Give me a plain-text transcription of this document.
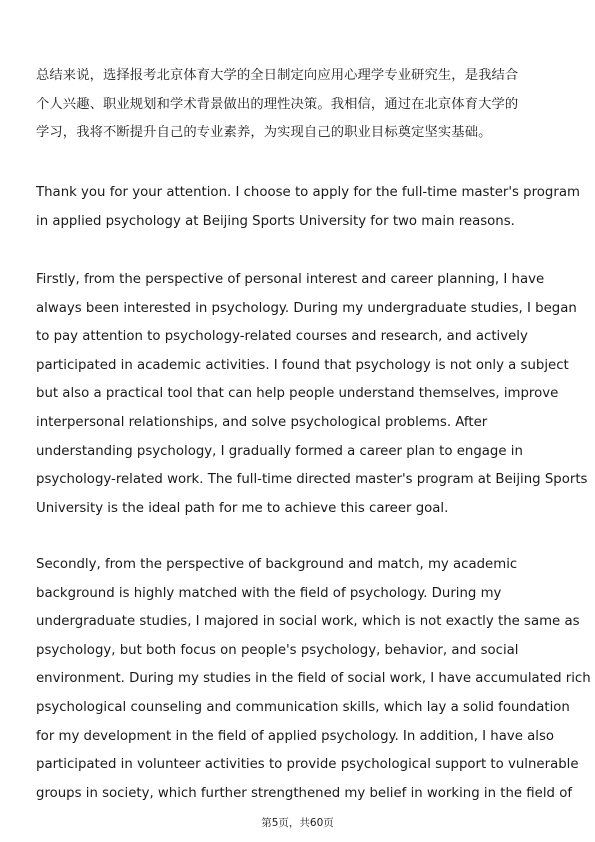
总结来说，选择报考北京体育大学的全日制定向应用心理学专业研究生，是我结合
个人兴趣、职业规划和学术背景做出的理性决策。我相信，通过在北京体育大学的
学习，我将不断提升自己的专业素养，为实现自己的职业目标奠定坚实基础。

Thank you for your attention. I choose to apply for the full-time master's program
in applied psychology at Beijing Sports University for two main reasons.

Firstly, from the perspective of personal interest and career planning, I have
always been interested in psychology. During my undergraduate studies, I began
to pay attention to psychology-related courses and research, and actively
participated in academic activities. I found that psychology is not only a subject
but also a practical tool that can help people understand themselves, improve
interpersonal relationships, and solve psychological problems. After
understanding psychology, I gradually formed a career plan to engage in
psychology-related work. The full-time directed master's program at Beijing Sports
University is the ideal path for me to achieve this career goal.

Secondly, from the perspective of background and match, my academic
background is highly matched with the field of psychology. During my
undergraduate studies, I majored in social work, which is not exactly the same as
psychology, but both focus on people's psychology, behavior, and social
environment. During my studies in the field of social work, I have accumulated rich
psychological counseling and communication skills, which lay a solid foundation
for my development in the field of applied psychology. In addition, I have also
participated in volunteer activities to provide psychological support to vulnerable
groups in society, which further strengthened my belief in working in the field of

第5页，共60页
